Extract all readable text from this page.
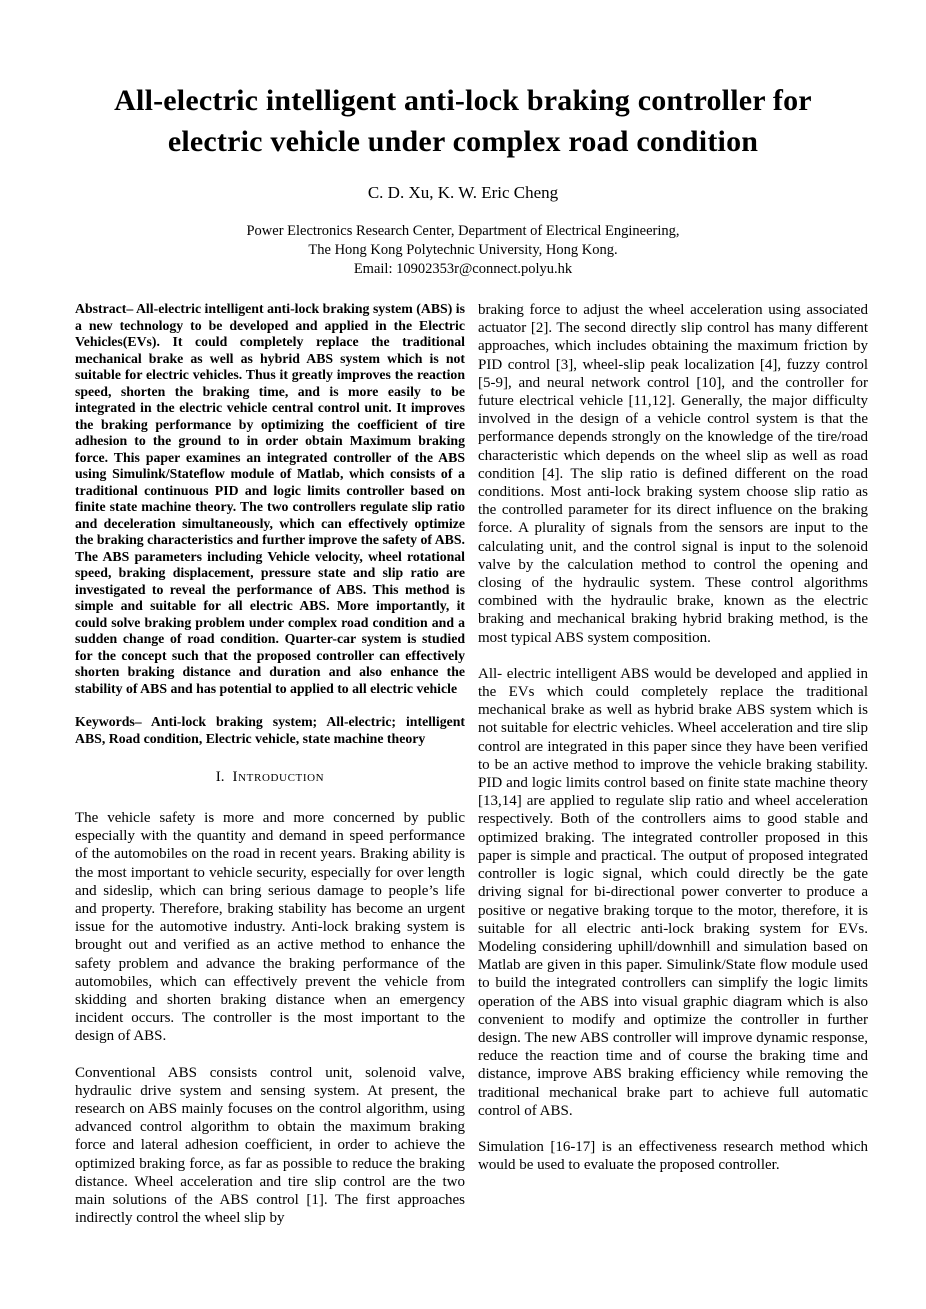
All-electric intelligent anti-lock braking controller for
electric vehicle under complex road condition
C. D. Xu, K. W. Eric Cheng
Power Electronics Research Center, Department of Electrical Engineering,
The Hong Kong Polytechnic University, Hong Kong.
Email: 10902353r@connect.polyu.hk

Abstract– All-electric intelligent anti-lock braking system (ABS) is a new technology to be developed and applied in the Electric Vehicles(EVs). It could completely replace the traditional mechanical brake as well as hybrid ABS system which is not suitable for electric vehicles. Thus it greatly improves the reaction speed, shorten the braking time, and is more easily to be integrated in the electric vehicle central control unit. It improves the braking performance by optimizing the coefficient of tire adhesion to the ground to in order obtain Maximum braking force. This paper examines an integrated controller of the ABS using Simulink/Stateflow module of Matlab, which consists of a traditional continuous PID and logic limits controller based on finite state machine theory. The two controllers regulate slip ratio and deceleration simultaneously, which can effectively optimize the braking characteristics and further improve the safety of ABS. The ABS parameters including Vehicle velocity, wheel rotational speed, braking displacement, pressure state and slip ratio are investigated to reveal the performance of ABS. This method is simple and suitable for all electric ABS. More importantly, it could solve braking problem under complex road condition and a sudden change of road condition. Quarter-car system is studied for the concept such that the proposed controller can effectively shorten braking distance and duration and also enhance the stability of ABS and has potential to applied to all electric vehicle

Keywords– Anti-lock braking system; All-electric; intelligent ABS, Road condition, Electric vehicle, state machine theory

I. Introduction

The vehicle safety is more and more concerned by public especially with the quantity and demand in speed performance of the automobiles on the road in recent years. Braking ability is the most important to vehicle security, especially for over length and sideslip, which can bring serious damage to people’s life and property. Therefore, braking stability has become an urgent issue for the automotive industry. Anti-lock braking system is brought out and verified as an active method to enhance the safety problem and advance the braking performance of the automobiles, which can effectively prevent the vehicle from skidding and shorten braking distance when an emergency incident occurs. The controller is the most important to the design of ABS.

Conventional ABS consists control unit, solenoid valve, hydraulic drive system and sensing system. At present, the research on ABS mainly focuses on the control algorithm, using advanced control algorithm to obtain the maximum braking force and lateral adhesion coefficient, in order to achieve the optimized braking force, as far as possible to reduce the braking distance. Wheel acceleration and tire slip control are the two main solutions of the ABS control [1]. The first approaches indirectly control the wheel slip by

braking force to adjust the wheel acceleration using associated actuator [2]. The second directly slip control has many different approaches, which includes obtaining the maximum friction by PID control [3], wheel-slip peak localization [4], fuzzy control [5-9], and neural network control [10], and the controller for future electrical vehicle [11,12]. Generally, the major difficulty involved in the design of a vehicle control system is that the performance depends strongly on the knowledge of the tire/road characteristic which depends on the wheel slip as well as road condition [4]. The slip ratio is defined different on the road conditions. Most anti-lock braking system choose slip ratio as the controlled parameter for its direct influence on the braking force. A plurality of signals from the sensors are input to the calculating unit, and the control signal is input to the solenoid valve by the calculation method to control the opening and closing of the hydraulic system. These control algorithms combined with the hydraulic brake, known as the electric braking and mechanical braking hybrid braking method, is the most typical ABS system composition.

All- electric intelligent ABS would be developed and applied in the EVs which could completely replace the traditional mechanical brake as well as hybrid brake ABS system which is not suitable for electric vehicles. Wheel acceleration and tire slip control are integrated in this paper since they have been verified to be an active method to improve the vehicle braking stability. PID and logic limits control based on finite state machine theory [13,14] are applied to regulate slip ratio and wheel acceleration respectively. Both of the controllers aims to good stable and optimized braking. The integrated controller proposed in this paper is simple and practical. The output of proposed integrated controller is logic signal, which could directly be the gate driving signal for bi-directional power converter to produce a positive or negative braking torque to the motor, therefore, it is suitable for all electric anti-lock braking system for EVs. Modeling considering uphill/downhill and simulation based on Matlab are given in this paper. Simulink/State flow module used to build the integrated controllers can simplify the logic limits operation of the ABS into visual graphic diagram which is also convenient to modify and optimize the controller in further design. The new ABS controller will improve dynamic response, reduce the reaction time and of course the braking time and distance, improve ABS braking efficiency while removing the traditional mechanical brake part to achieve full automatic control of ABS.

Simulation [16-17] is an effectiveness research method which would be used to evaluate the proposed controller.
